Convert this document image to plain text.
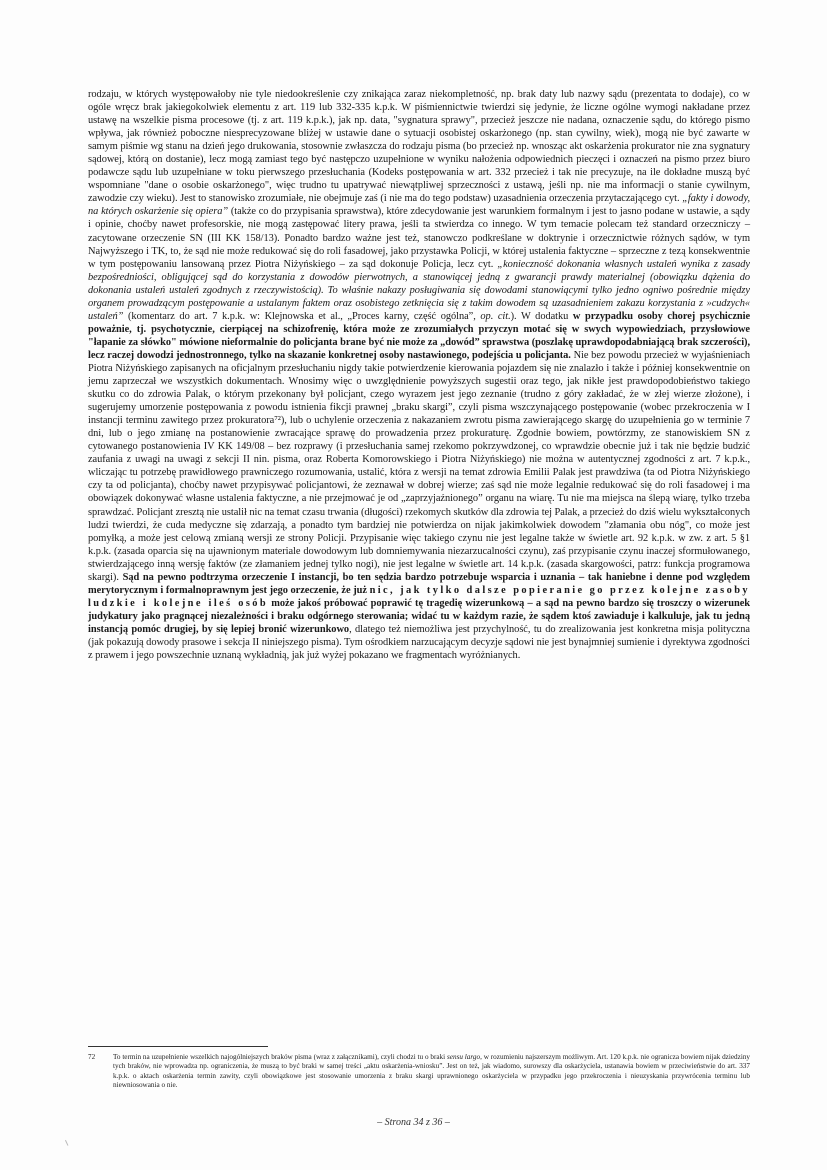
rodzaju, w których występowałoby nie tyle niedookreślenie czy znikająca zaraz niekompletność, np. brak daty lub nazwy sądu (prezentata to dodaje), co w ogóle wręcz brak jakiegokolwiek elementu z art. 119 lub 332-335 k.p.k. W piśmiennictwie twierdzi się jedynie, że liczne ogólne wymogi nakładane przez ustawę na wszelkie pisma procesowe (tj. z art. 119 k.p.k.), jak np. data, "sygnatura sprawy", przecież jeszcze nie nadana, oznaczenie sądu, do którego pismo wpływa, jak również poboczne niesprecyzowane bliżej w ustawie dane o sytuacji osobistej oskarżonego (np. stan cywilny, wiek), mogą nie być zawarte w samym piśmie wg stanu na dzień jego drukowania, stosownie zwłaszcza do rodzaju pisma (bo przecież np. wnosząc akt oskarżenia prokurator nie zna sygnatury sądowej, którą on dostanie), lecz mogą zamiast tego być następczo uzupełnione w wyniku nałożenia odpowiednich pieczęci i oznaczeń na pismo przez biuro podawcze sądu lub uzupełniane w toku pierwszego przesłuchania (Kodeks postępowania w art. 332 przecież i tak nie precyzuje, na ile dokładne muszą być wspomniane "dane o osobie oskarżonego", więc trudno tu upatrywać niewątpliwej sprzeczności z ustawą, jeśli np. nie ma informacji o stanie cywilnym, zawodzie czy wieku). Jest to stanowisko zrozumiałe, nie obejmuje zaś (i nie ma do tego podstaw) uzasadnienia orzeczenia przytaczającego cyt. „fakty i dowody, na których oskarżenie się opiera” (także co do przypisania sprawstwa), które zdecydowanie jest warunkiem formalnym i jest to jasno podane w ustawie, a sądy i opinie, choćby nawet profesorskie, nie mogą zastępować litery prawa, jeśli ta stwierdza co innego. W tym temacie polecam też standard orzeczniczy – zacytowane orzeczenie SN (III KK 158/13). Ponadto bardzo ważne jest też, stanowczo podkreślane w doktrynie i orzecznictwie różnych sądów, w tym Najwyższego i TK, to, że sąd nie może redukować się do roli fasadowej, jako przystawka Policji, w której ustalenia faktyczne – sprzeczne z tezą konsekwentnie w tym postępowaniu lansowaną przez Piotra Niżyńskiego – za sąd dokonuje Policja, lecz cyt. „konieczność dokonania własnych ustaleń wynika z zasady bezpośredniości, obligującej sąd do korzystania z dowodów pierwotnych, a stanowiącej jedną z gwarancji prawdy materialnej (obowiązku dążenia do dokonania ustaleń ustaleń zgodnych z rzeczywistością). To właśnie nakazy posługiwania się dowodami stanowiącymi tylko jedno ogniwo pośrednie między organem prowadzącym postępowanie a ustalanym faktem oraz osobistego zetknięcia się z takim dowodem są uzasadnieniem zakazu korzystania z »cudzych« ustaleń” (komentarz do art. 7 k.p.k. w: Klejnowska et al., „Proces karny, część ogólna”, op. cit.). W dodatku w przypadku osoby chorej psychicznie poważnie, tj. psychotycznie, cierpiącej na schizofrenię, która może ze zrozumiałych przyczyn motać się w swych wypowiedziach, przysłowiowe "łapanie za słówko" mówione nieformalnie do policjanta brane być nie może za „dowód” sprawstwa (poszlakę uprawdopodabniającą brak szczerości), lecz raczej dowodzi jednostronnego, tylko na skazanie konkretnej osoby nastawionego, podejścia u policjanta. Nie bez powodu przecież w wyjaśnieniach Piotra Niżyńskiego zapisanych na oficjalnym przesłuchaniu nigdy takie potwierdzenie kierowania pojazdem się nie znalazło i także i później konsekwentnie on jemu zaprzeczał we wszystkich dokumentach. Wnosimy więc o uwzględnienie powyższych sugestii oraz tego, jak nikłe jest prawdopodobieństwo takiego skutku co do zdrowia Palak, o którym przekonany był policjant, czego wyrazem jest jego zeznanie (trudno z góry zakładać, że w złej wierze złożone), i sugerujemy umorzenie postępowania z powodu istnienia fikcji prawnej „braku skargi”, czyli pisma wszczynającego postępowanie (wobec przekroczenia w I instancji terminu zawitego przez prokuratora⁷²), lub o uchylenie orzeczenia z nakazaniem zwrotu pisma zawierającego skargę do uzupełnienia go w terminie 7 dni, lub o jego zmianę na postanowienie zwracające sprawę do prowadzenia przez prokuraturę. Zgodnie bowiem, powtórzmy, ze stanowiskiem SN z cytowanego postanowienia IV KK 149/08 – bez rozprawy (i przesłuchania samej rzekomo pokrzywdzonej, co wprawdzie obecnie już i tak nie będzie budzić zaufania z uwagi na uwagi z sekcji II nin. pisma, oraz Roberta Komorowskiego i Piotra Niżyńskiego) nie można w autentycznej zgodności z art. 7 k.p.k., wliczając tu potrzebę prawidłowego prawniczego rozumowania, ustalić, która z wersji na temat zdrowia Emilii Palak jest prawdziwa (ta od Piotra Niżyńskiego czy ta od policjanta), choćby nawet przypisywać policjantowi, że zeznawał w dobrej wierze; zaś sąd nie może legalnie redukować się do roli fasadowej i ma obowiązek dokonywać własne ustalenia faktyczne, a nie przejmować je od „zaprzyjaźnionego” organu na wiarę. Tu nie ma miejsca na ślepą wiarę, tylko trzeba sprawdzać. Policjant zresztą nie ustalił nic na temat czasu trwania (długości) rzekomych skutków dla zdrowia tej Palak, a przecież do dziś wielu wykształconych ludzi twierdzi, że cuda medyczne się zdarzają, a ponadto tym bardziej nie potwierdza on nijak jakimkolwiek dowodem "złamania obu nóg", co może jest pomyłką, a może jest celową zmianą wersji ze strony Policji. Przypisanie więc takiego czynu nie jest legalne także w świetle art. 92 k.p.k. w zw. z art. 5 §1 k.p.k. (zasada oparcia się na ujawnionym materiale dowodowym lub domniemywania niezarzucalności czynu), zaś przypisanie czynu inaczej sformułowanego, stwierdzającego inną wersję faktów (ze złamaniem jednej tylko nogi), nie jest legalne w świetle art. 14 k.p.k. (zasada skargowości, patrz: funkcja programowa skargi). Sąd na pewno podtrzyma orzeczenie I instancji, bo ten sędzia bardzo potrzebuje wsparcia i uznania – tak haniebne i denne pod względem merytorycznym i formalnoprawnym jest jego orzeczenie, że już nic, jak tylko dalsze popieranie go przez kolejne zasoby ludzkie i kolejne ileś osób może jakoś próbować poprawić tę tragedię wizerunkową – a sąd na pewno bardzo się troszczy o wizerunek judykatury jako pragnącej niezależności i braku odgórnego sterowania; widać tu w każdym razie, że sądem ktoś zawiaduje i kalkuluje, jak tu jedną instancją pomóc drugiej, by się lepiej bronić wizerunkowo, dlatego też niemożliwa jest przychylność, tu do zrealizowania jest konkretna misja polityczna (jak pokazują dowody prasowe i sekcja II niniejszego pisma). Tym ośrodkiem narzucającym decyzje sądowi nie jest bynajmniej sumienie i dyrektywa zgodności z prawem i jego powszechnie uznaną wykładnią, jak już wyżej pokazano we fragmentach wyróżnianych.

72	To termin na uzupełnienie wszelkich najogólniejszych braków pisma (wraz z załącznikami), czyli chodzi tu o braki sensu largo, w rozumieniu najszerszym możliwym. Art. 120 k.p.k. nie ogranicza bowiem nijak dziedziny tych braków, nie wprowadza np. ograniczenia, że muszą to być braki w samej treści „aktu oskarżenia-wniosku”. Jest on też, jak wiadomo, surowszy dla oskarżyciela, ustanawia bowiem w przeciwieństwie do art. 337 k.p.k. o aktach oskarżenia termin zawity, czyli obowiązkowe jest stosowanie umorzenia z braku skargi uprawnionego oskarżyciela w przypadku jego przekroczenia i nieuzyskania przywrócenia terminu lub niewniosowania o nie.
– Strona 34 z 36 –
